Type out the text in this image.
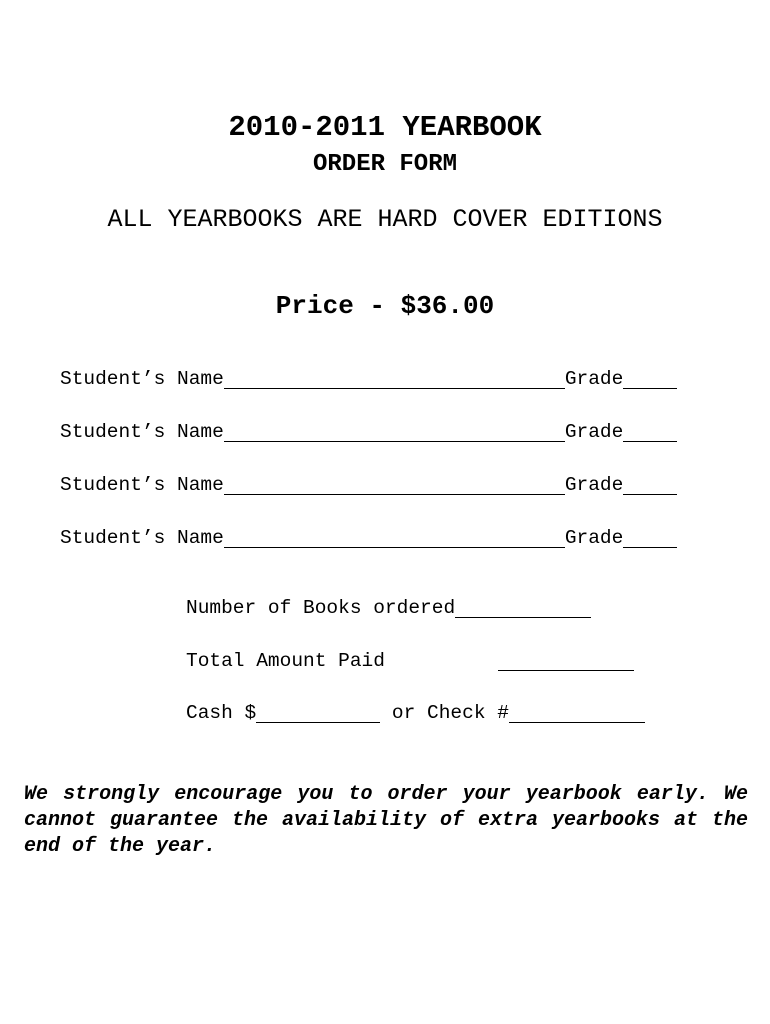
2010-2011 YEARBOOK
ORDER FORM
ALL YEARBOOKS ARE HARD COVER EDITIONS
Price - $36.00
Student’s Name	Grade
Student’s Name	Grade
Student’s Name	Grade
Student’s Name	Grade
Number of Books ordered
Total Amount Paid
Cash $	or Check #
We strongly encourage you to order your yearbook early. We cannot guarantee the availability of extra yearbooks at the end of the year.
